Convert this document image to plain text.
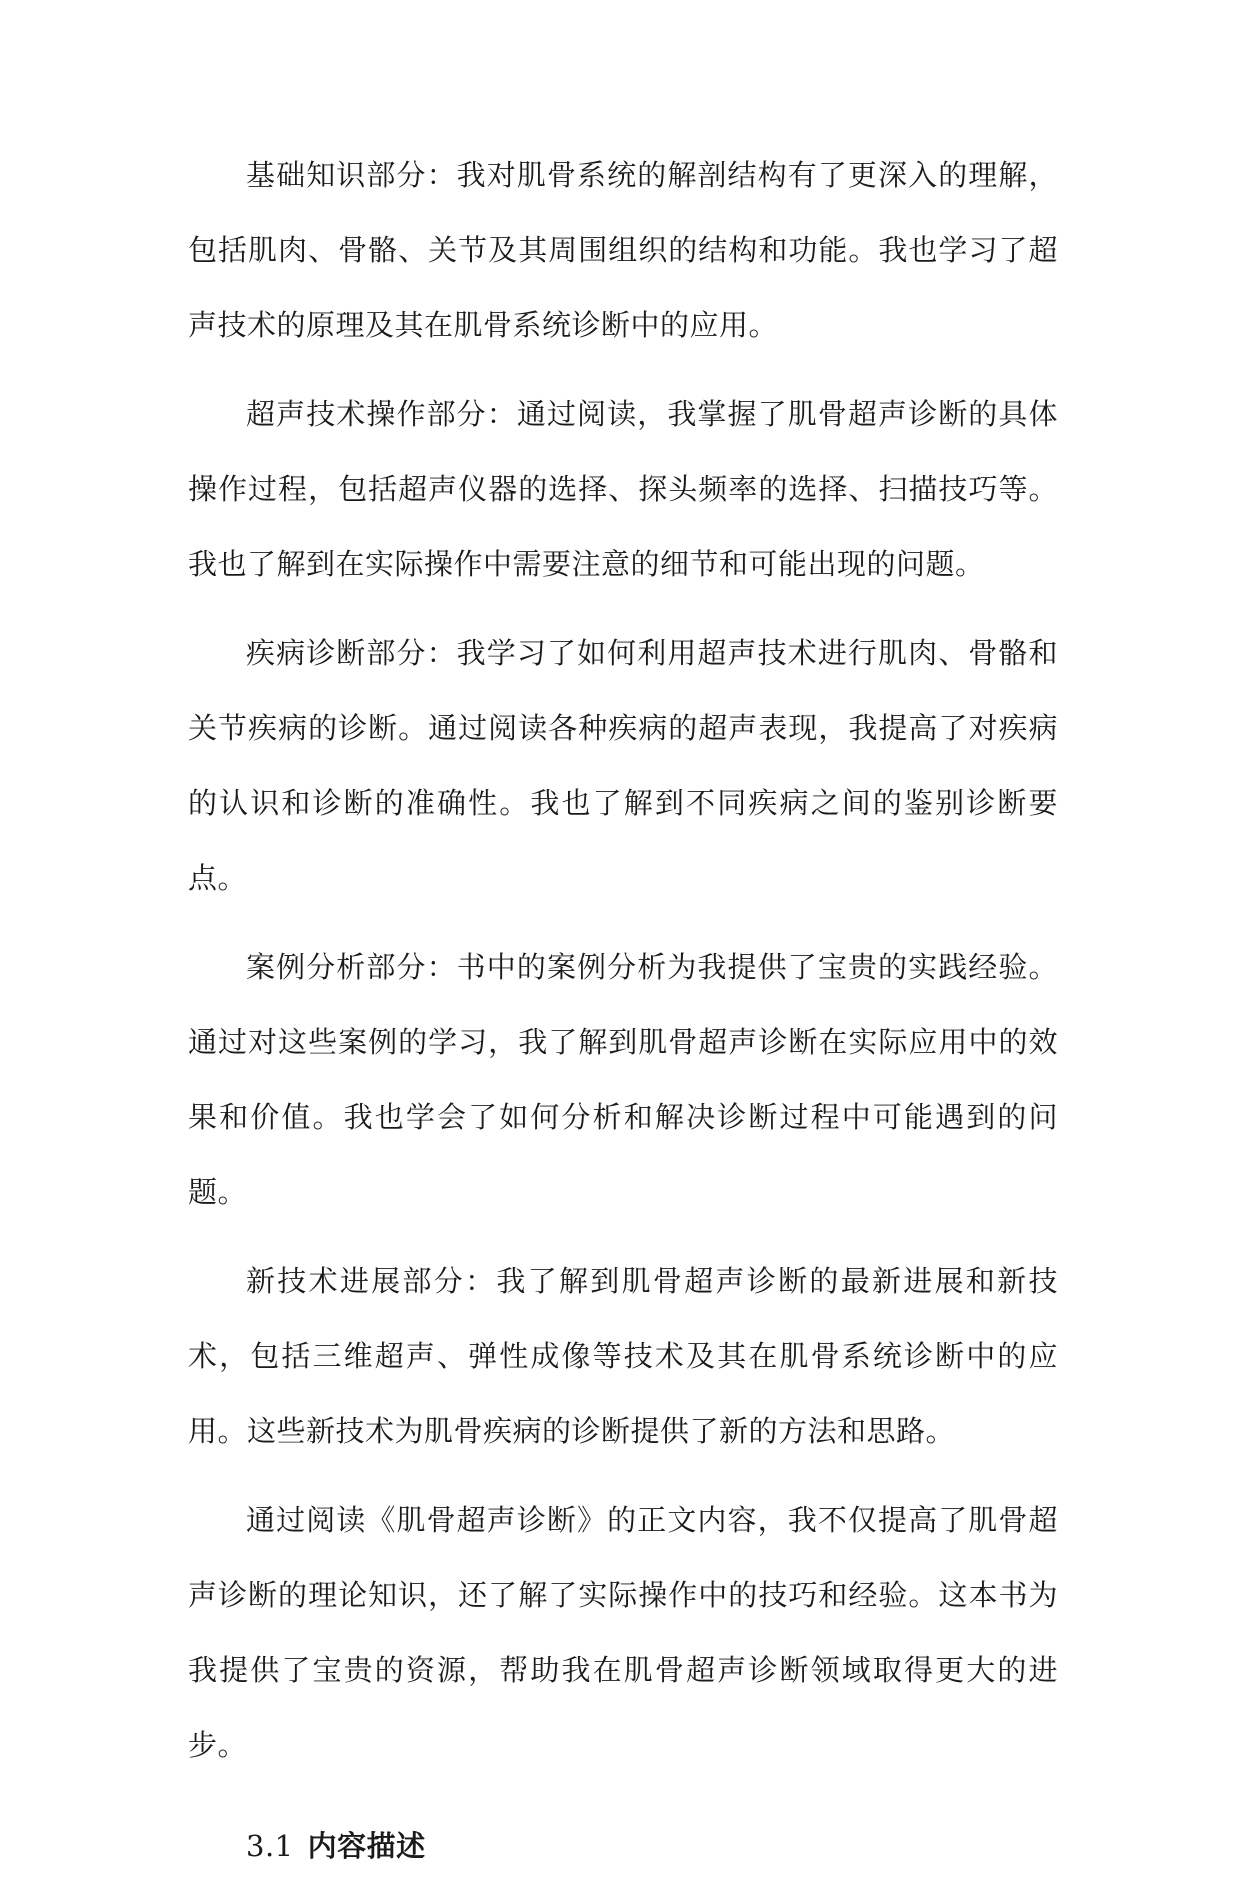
基础知识部分：我对肌骨系统的解剖结构有了更深入的理解，包括肌肉、骨骼、关节及其周围组织的结构和功能。我也学习了超声技术的原理及其在肌骨系统诊断中的应用。

超声技术操作部分：通过阅读，我掌握了肌骨超声诊断的具体操作过程，包括超声仪器的选择、探头频率的选择、扫描技巧等。我也了解到在实际操作中需要注意的细节和可能出现的问题。

疾病诊断部分：我学习了如何利用超声技术进行肌肉、骨骼和关节疾病的诊断。通过阅读各种疾病的超声表现，我提高了对疾病的认识和诊断的准确性。我也了解到不同疾病之间的鉴别诊断要点。

案例分析部分：书中的案例分析为我提供了宝贵的实践经验。通过对这些案例的学习，我了解到肌骨超声诊断在实际应用中的效果和价值。我也学会了如何分析和解决诊断过程中可能遇到的问题。

新技术进展部分：我了解到肌骨超声诊断的最新进展和新技术，包括三维超声、弹性成像等技术及其在肌骨系统诊断中的应用。这些新技术为肌骨疾病的诊断提供了新的方法和思路。

通过阅读《肌骨超声诊断》的正文内容，我不仅提高了肌骨超声诊断的理论知识，还了解了实际操作中的技巧和经验。这本书为我提供了宝贵的资源，帮助我在肌骨超声诊断领域取得更大的进步。

3.1 内容描述
